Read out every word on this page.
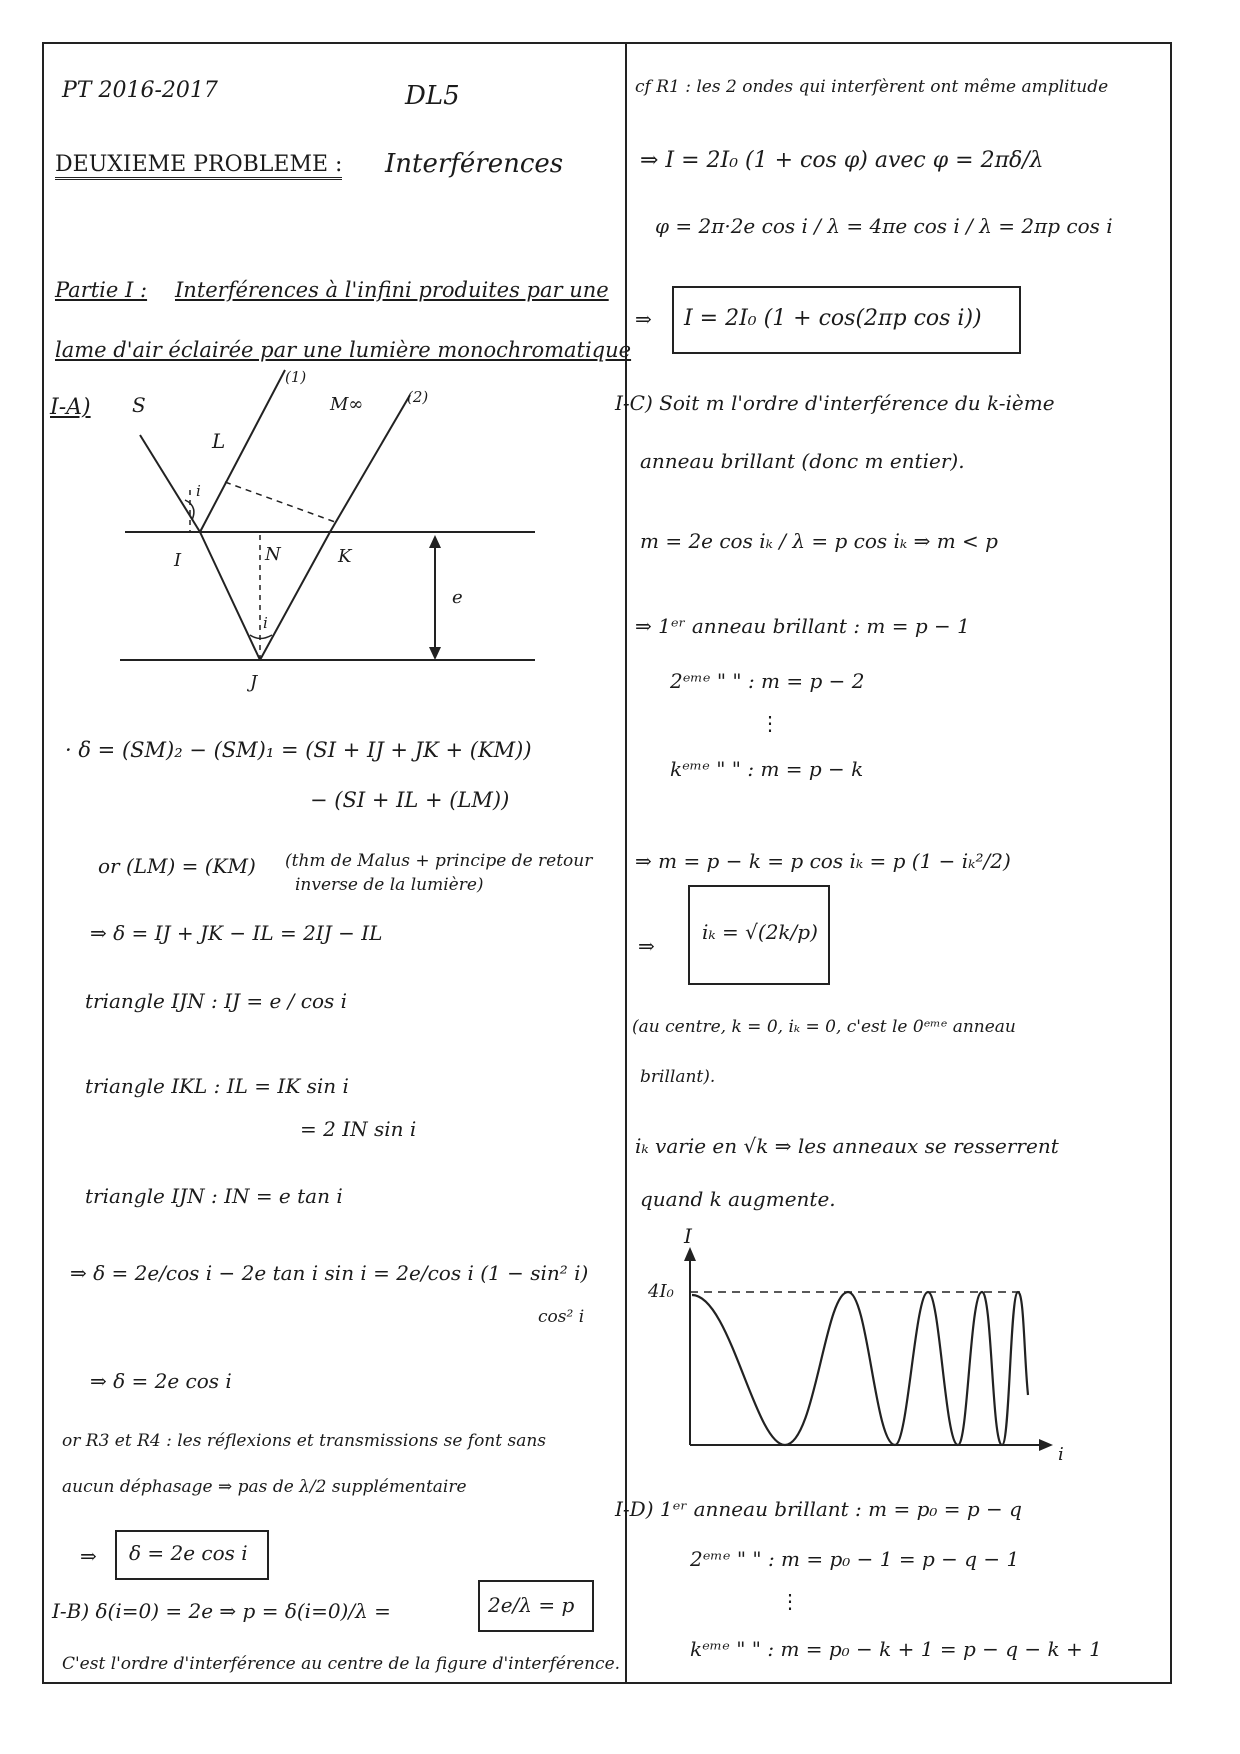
PT 2016-2017	DL5
DEUXIEME PROBLEME : Interférences
Partie I : Interférences à l'infini produites par une
lame d'air éclairée par une lumière monochromatique
I-A) S
L
(1)
(2)
M∞
I	N	K
J
e
i
i
· δ = (SM)₂ − (SM)₁ = (SI + IJ + JK + (KM))
− (SI + IL + (LM))
or (LM) = (KM) (thm de Malus + principe de retour
inverse de la lumière)
⇒ δ = IJ + JK − IL = 2IJ − IL
triangle IJN : IJ = e / cos i
triangle IKL : IL = IK sin i
= 2 IN sin i
triangle IJN : IN = e tan i
⇒ δ = 2e/cos i − 2e tan i sin i = 2e/cos i (1 − sin² i)
cos² i
⇒ δ = 2e cos i
or R3 et R4 : les réflexions et transmissions se font sans
aucun déphasage ⇒ pas de λ/2 supplémentaire
⇒ δ = 2e cos i
I-B) δ(i=0) = 2e ⇒ p = δ(i=0)/λ =	2e/λ = p
C'est l'ordre d'interférence au centre de la figure d'interférence.
cf R1 : les 2 ondes qui interfèrent ont même amplitude
⇒ I = 2I₀ (1 + cos φ) avec φ = 2πδ/λ
φ = 2π·2e cos i / λ = 4πe cos i / λ = 2πp cos i
⇒ I = 2I₀ (1 + cos(2πp cos i))
I-C) Soit m l'ordre d'interférence du k-ième
anneau brillant (donc m entier).
m = 2e cos iₖ / λ = p cos iₖ ⇒ m < p
⇒ 1ᵉʳ anneau brillant : m = p − 1
2ᵉᵐᵉ " " : m = p − 2
⋮
kᵉᵐᵉ " " : m = p − k
⇒ m = p − k = p cos iₖ = p (1 − iₖ²/2)
⇒
iₖ = √(2k/p)
(au centre, k = 0, iₖ = 0, c'est le 0ᵉᵐᵉ anneau
brillant).
iₖ varie en √k ⇒ les anneaux se resserrent
quand k augmente.
I
4I₀
i
I-D) 1ᵉʳ anneau brillant : m = p₀ = p − q
2ᵉᵐᵉ " " : m = p₀ − 1 = p − q − 1
⋮
kᵉᵐᵉ " " : m = p₀ − k + 1 = p − q − k + 1
